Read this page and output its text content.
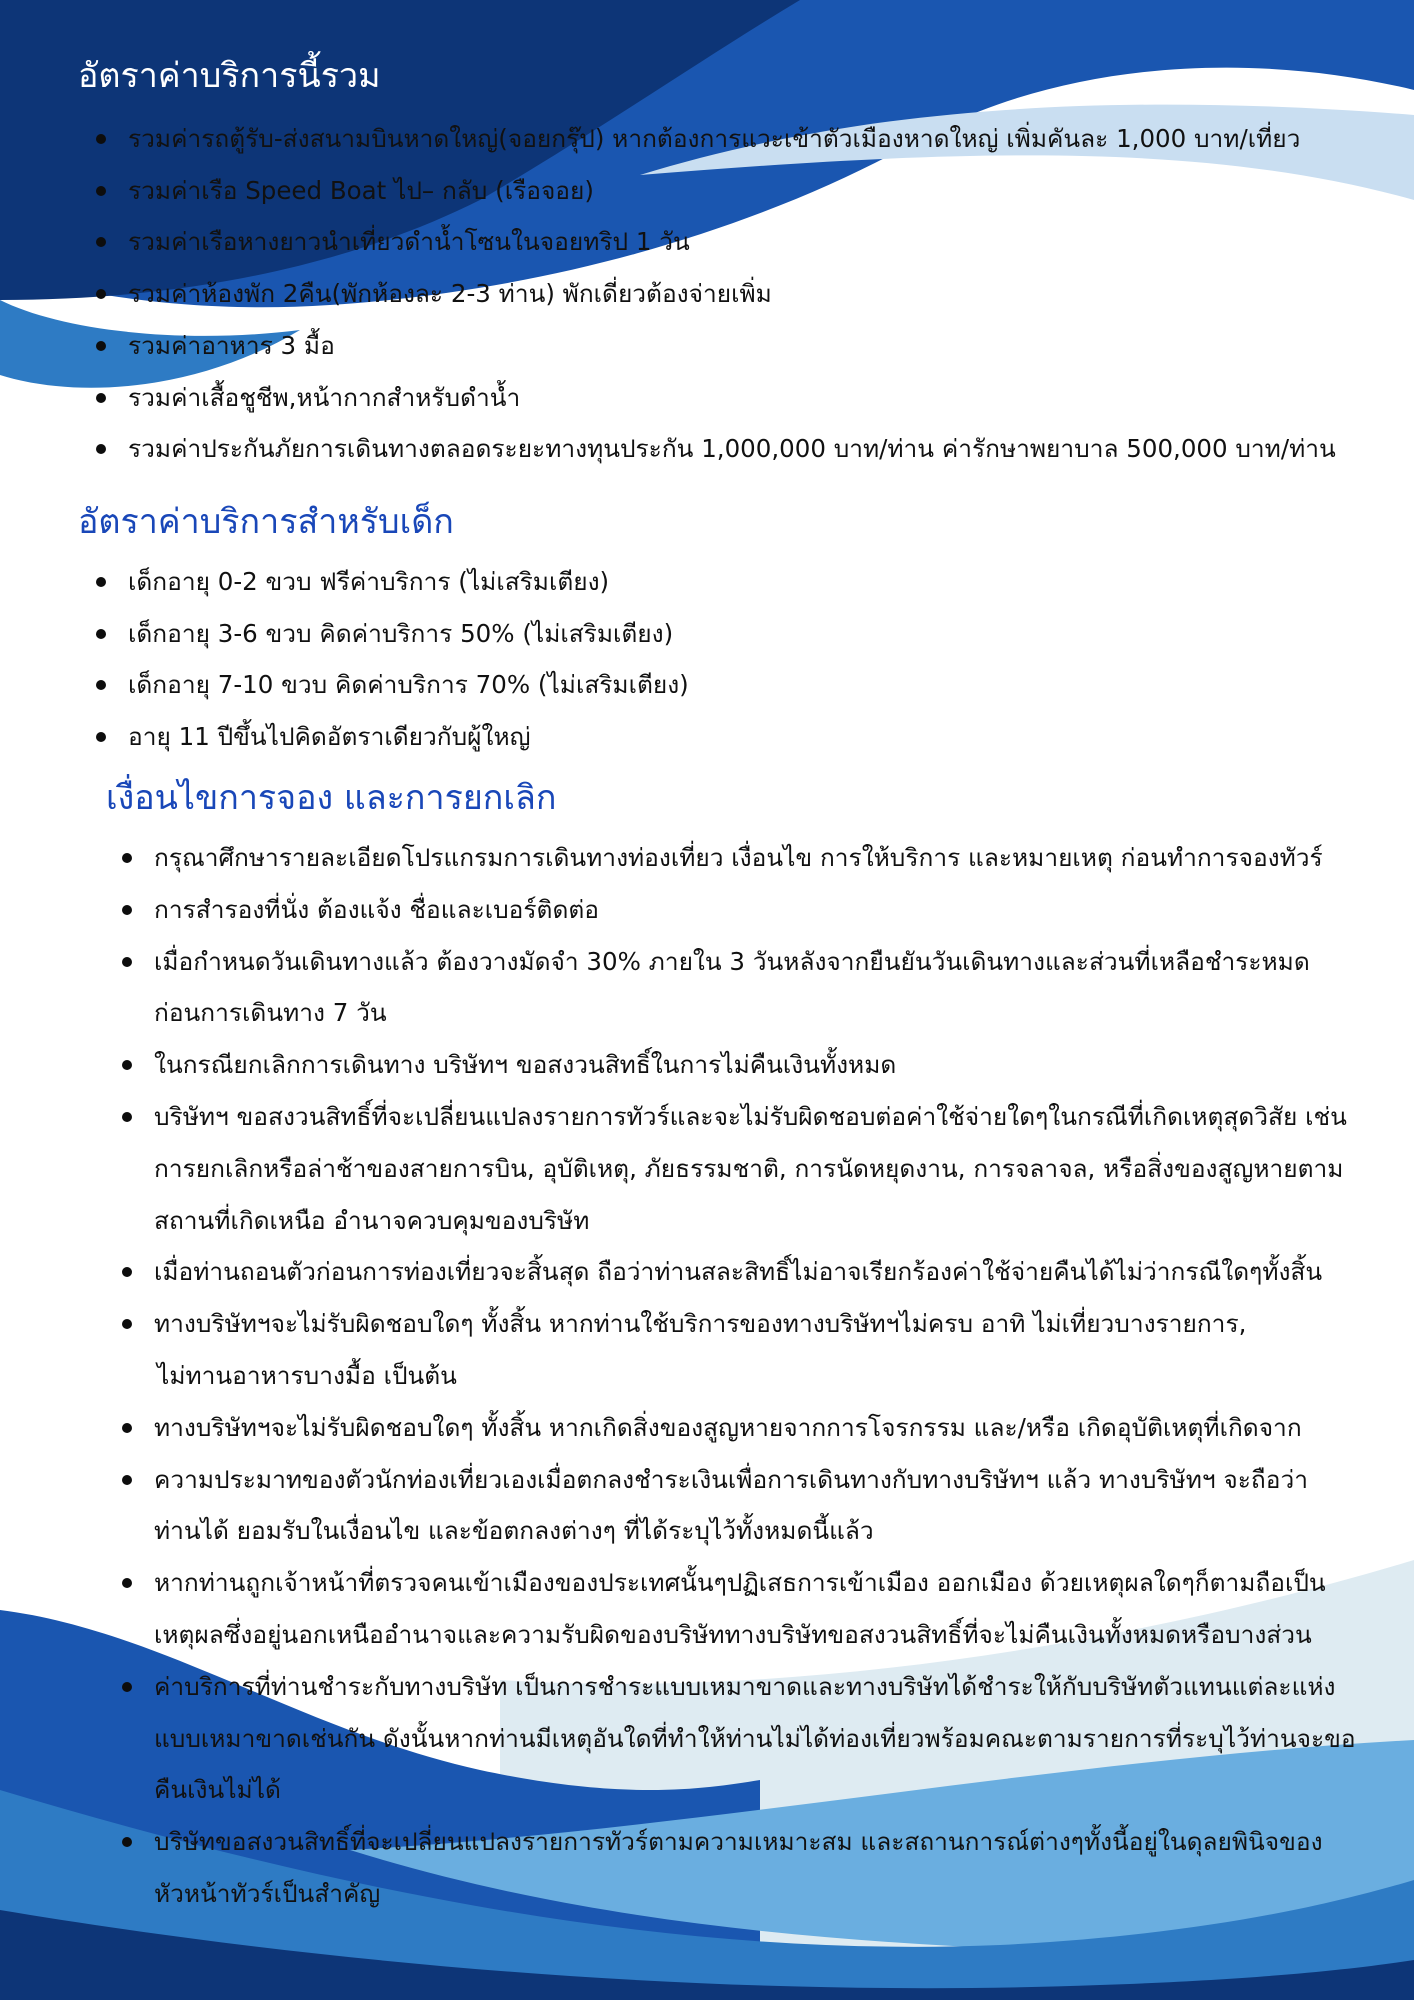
อัตราค่าบริการนี้รวม
รวมค่ารถตู้รับ-ส่งสนามบินหาดใหญ่(จอยกรุ๊ป) หากต้องการแวะเข้าตัวเมืองหาดใหญ่ เพิ่มคันละ 1,000 บาท/เที่ยว
รวมค่าเรือ Speed Boat ไป– กลับ (เรือจอย)
รวมค่าเรือหางยาวนำเที่ยวดำน้ำโซนในจอยทริป 1 วัน
รวมค่าห้องพัก 2คืน(พักห้องละ 2-3 ท่าน) พักเดี่ยวต้องจ่ายเพิ่ม
รวมค่าอาหาร 3 มื้อ
รวมค่าเสื้อชูชีพ,หน้ากากสำหรับดำน้ำ
รวมค่าประกันภัยการเดินทางตลอดระยะทางทุนประกัน 1,000,000 บาท/ท่าน ค่ารักษาพยาบาล 500,000 บาท/ท่าน
อัตราค่าบริการสำหรับเด็ก
เด็กอายุ 0-2 ขวบ ฟรีค่าบริการ (ไม่เสริมเตียง)
เด็กอายุ 3-6 ขวบ คิดค่าบริการ 50% (ไม่เสริมเตียง)
เด็กอายุ 7-10 ขวบ คิดค่าบริการ 70% (ไม่เสริมเตียง)
อายุ 11 ปีขึ้นไปคิดอัตราเดียวกับผู้ใหญ่
เงื่อนไขการจอง และการยกเลิก
กรุณาศึกษารายละเอียดโปรแกรมการเดินทางท่องเที่ยว เงื่อนไข การให้บริการ และหมายเหตุ ก่อนทำการจองทัวร์
การสำรองที่นั่ง ต้องแจ้ง ชื่อและเบอร์ติดต่อ
เมื่อกำหนดวันเดินทางแล้ว ต้องวางมัดจำ 30% ภายใน 3 วันหลังจากยืนยันวันเดินทางและส่วนที่เหลือชำระหมด
ก่อนการเดินทาง 7 วัน
ในกรณียกเลิกการเดินทาง บริษัทฯ ขอสงวนสิทธิ์ในการไม่คืนเงินทั้งหมด
บริษัทฯ ขอสงวนสิทธิ์ที่จะเปลี่ยนแปลงรายการทัวร์และจะไม่รับผิดชอบต่อค่าใช้จ่ายใดๆในกรณีที่เกิดเหตุสุดวิสัย เช่น
การยกเลิกหรือล่าช้าของสายการบิน, อุบัติเหตุ, ภัยธรรมชาติ, การนัดหยุดงาน, การจลาจล, หรือสิ่งของสูญหายตาม
สถานที่เกิดเหนือ อำนาจควบคุมของบริษัท
เมื่อท่านถอนตัวก่อนการท่องเที่ยวจะสิ้นสุด ถือว่าท่านสละสิทธิ์ไม่อาจเรียกร้องค่าใช้จ่ายคืนได้ไม่ว่ากรณีใดๆทั้งสิ้น
ทางบริษัทฯจะไม่รับผิดชอบใดๆ ทั้งสิ้น หากท่านใช้บริการของทางบริษัทฯไม่ครบ อาทิ ไม่เที่ยวบางรายการ,
ไม่ทานอาหารบางมื้อ เป็นต้น
ทางบริษัทฯจะไม่รับผิดชอบใดๆ ทั้งสิ้น หากเกิดสิ่งของสูญหายจากการโจรกรรม และ/หรือ เกิดอุบัติเหตุที่เกิดจาก
ความประมาทของตัวนักท่องเที่ยวเองเมื่อตกลงชำระเงินเพื่อการเดินทางกับทางบริษัทฯ แล้ว ทางบริษัทฯ จะถือว่า
ท่านได้ ยอมรับในเงื่อนไข และข้อตกลงต่างๆ ที่ได้ระบุไว้ทั้งหมดนี้แล้ว
หากท่านถูกเจ้าหน้าที่ตรวจคนเข้าเมืองของประเทศนั้นๆปฏิเสธการเข้าเมือง ออกเมือง ด้วยเหตุผลใดๆก็ตามถือเป็น
เหตุผลซึ่งอยู่นอกเหนืออำนาจและความรับผิดของบริษัททางบริษัทขอสงวนสิทธิ์ที่จะไม่คืนเงินทั้งหมดหรือบางส่วน
ค่าบริการที่ท่านชำระกับทางบริษัท เป็นการชำระแบบเหมาขาดและทางบริษัทได้ชำระให้กับบริษัทตัวแทนแต่ละแห่ง
แบบเหมาขาดเช่นกัน ดังนั้นหากท่านมีเหตุอันใดที่ทำให้ท่านไม่ได้ท่องเที่ยวพร้อมคณะตามรายการที่ระบุไว้ท่านจะขอ
คืนเงินไม่ได้
บริษัทขอสงวนสิทธิ์ที่จะเปลี่ยนแปลงรายการทัวร์ตามความเหมาะสม และสถานการณ์ต่างๆทั้งนี้อยู่ในดุลยพินิจของ
หัวหน้าทัวร์เป็นสำคัญ
